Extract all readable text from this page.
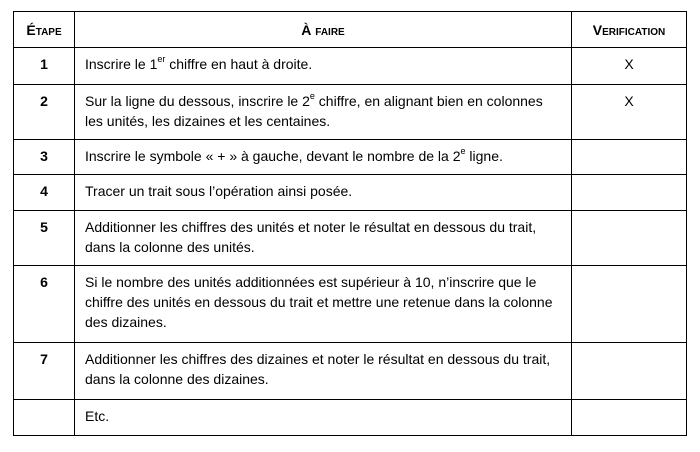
Étape	À faire	Verification
1	Inscrire le 1er chiffre en haut à droite.	X
2	Sur la ligne du dessous, inscrire le 2e chiffre, en alignant bien en colonnes les unités, les dizaines et les centaines.	X
3	Inscrire le symbole « + » à gauche, devant le nombre de la 2e ligne.	
4	Tracer un trait sous l’opération ainsi posée.	
5	Additionner les chiffres des unités et noter le résultat en dessous du trait, dans la colonne des unités.	
6	Si le nombre des unités additionnées est supérieur à 10, n’inscrire que le chiffre des unités en dessous du trait et mettre une retenue dans la colonne des dizaines.	
7	Additionner les chiffres des dizaines et noter le résultat en dessous du trait, dans la colonne des dizaines.	
	Etc.	
